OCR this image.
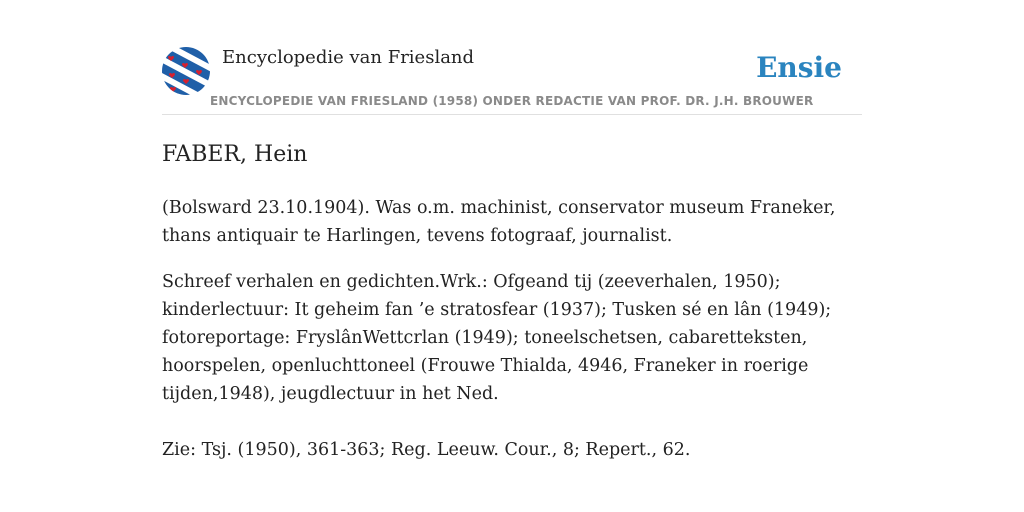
Encyclopedie van Friesland	Ensie
ENCYCLOPEDIE VAN FRIESLAND (1958) ONDER REDACTIE VAN PROF. DR. J.H. BROUWER
FABER, Hein

(Bolsward 23.10.1904). Was o.m. machinist, conservator museum Franeker, thans antiquair te Harlingen, tevens fotograaf, journalist.

Schreef verhalen en gedichten.Wrk.: Ofgeand tij (zeeverhalen, 1950); kinderlectuur: It geheim fan ’e stratosfear (1937); Tusken sé en lân (1949); fotoreportage: FryslânWettcrlan (1949); toneelschetsen, cabaretteksten, hoorspelen, openluchttoneel (Frouwe Thialda, 4946, Franeker in roerige tijden,1948), jeugdlectuur in het Ned.

Zie: Tsj. (1950), 361-363; Reg. Leeuw. Cour., 8; Repert., 62.
